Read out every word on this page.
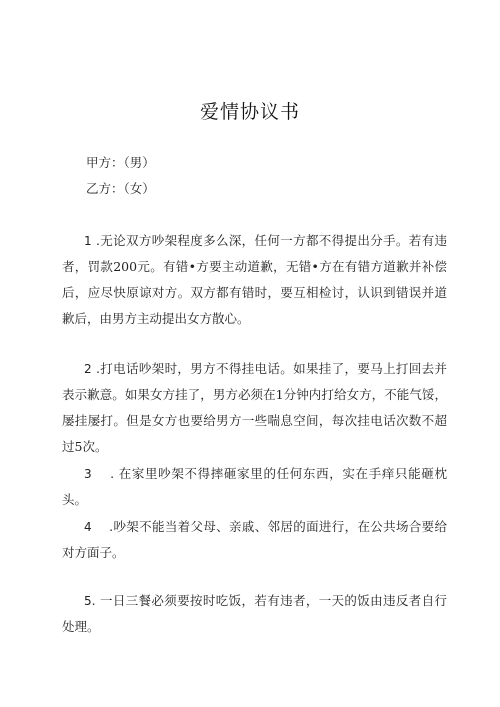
爱情协议书
甲方：（男）
乙方：（女）
1 .无论双方吵架程度多么深，任何一方都不得提出分手。若有违者，罚款200元。有错•方要主动道歉，无错•方在有错方道歉并补偿后，应尽快原谅对方。双方都有错时，要互相检讨，认识到错误并道歉后，由男方主动提出女方散心。
2 .打电话吵架时，男方不得挂电话。如果挂了，要马上打回去并表示歉意。如果女方挂了，男方必须在1分钟内打给女方，不能气馁，屡挂屡打。但是女方也要给男方一些喘息空间，每次挂电话次数不超过5次。
3　 . 在家里吵架不得摔砸家里的任何东西，实在手痒只能砸枕头。
4　 .吵架不能当着父母、亲戚、邻居的面进行，在公共场合要给对方面子。
5. 一日三餐必须要按时吃饭，若有违者，一天的饭由违反者自行处理。
